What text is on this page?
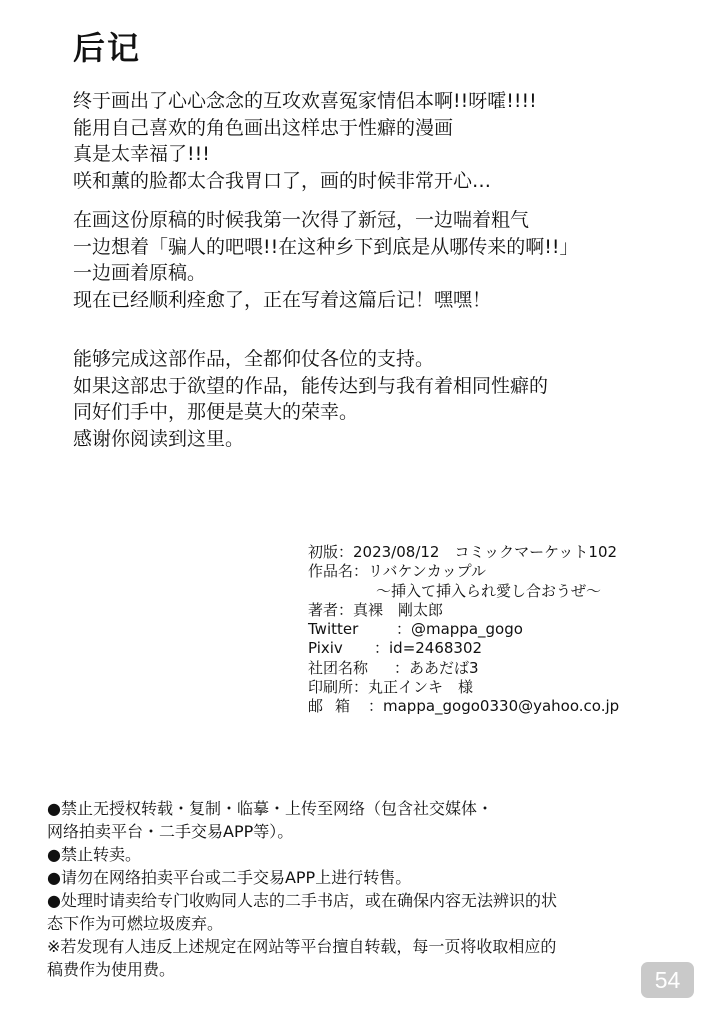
后记
终于画出了心心念念的互攻欢喜冤家情侣本啊!!呀嚯!!!!
能用自己喜欢的角色画出这样忠于性癖的漫画
真是太幸福了!!!
咲和薰的脸都太合我胃口了，画的时候非常开心…
在画这份原稿的时候我第一次得了新冠，一边喘着粗气
一边想着「骗人的吧喂!!在这种乡下到底是从哪传来的啊!!」
一边画着原稿。
现在已经顺利痊愈了，正在写着这篇后记！嘿嘿！
能够完成这部作品，全都仰仗各位的支持。
如果这部忠于欲望的作品，能传达到与我有着相同性癖的
同好们手中，那便是莫大的荣幸。
感谢你阅读到这里。
初版：2023/08/12　コミックマーケット102
作品名：リバケンカップル
～挿入て挿入られ愛し合おうぜ～
著者：真裸　剛太郎
Twitter	：@mappa_gogo
Pixiv ：id=2468302
社团名称 ：ああだば3
印刷所：丸正インキ　様
邮箱 ：mappa_gogo0330@yahoo.co.jp
●禁止无授权转载・复制・临摹・上传至网络（包含社交媒体・
网络拍卖平台・二手交易APP等）。
●禁止转卖。
●请勿在网络拍卖平台或二手交易APP上进行转售。
●处理时请卖给专门收购同人志的二手书店，或在确保内容无法辨识的状
态下作为可燃垃圾废弃。
※若发现有人违反上述规定在网站等平台擅自转载，每一页将收取相应的
稿费作为使用费。	54
